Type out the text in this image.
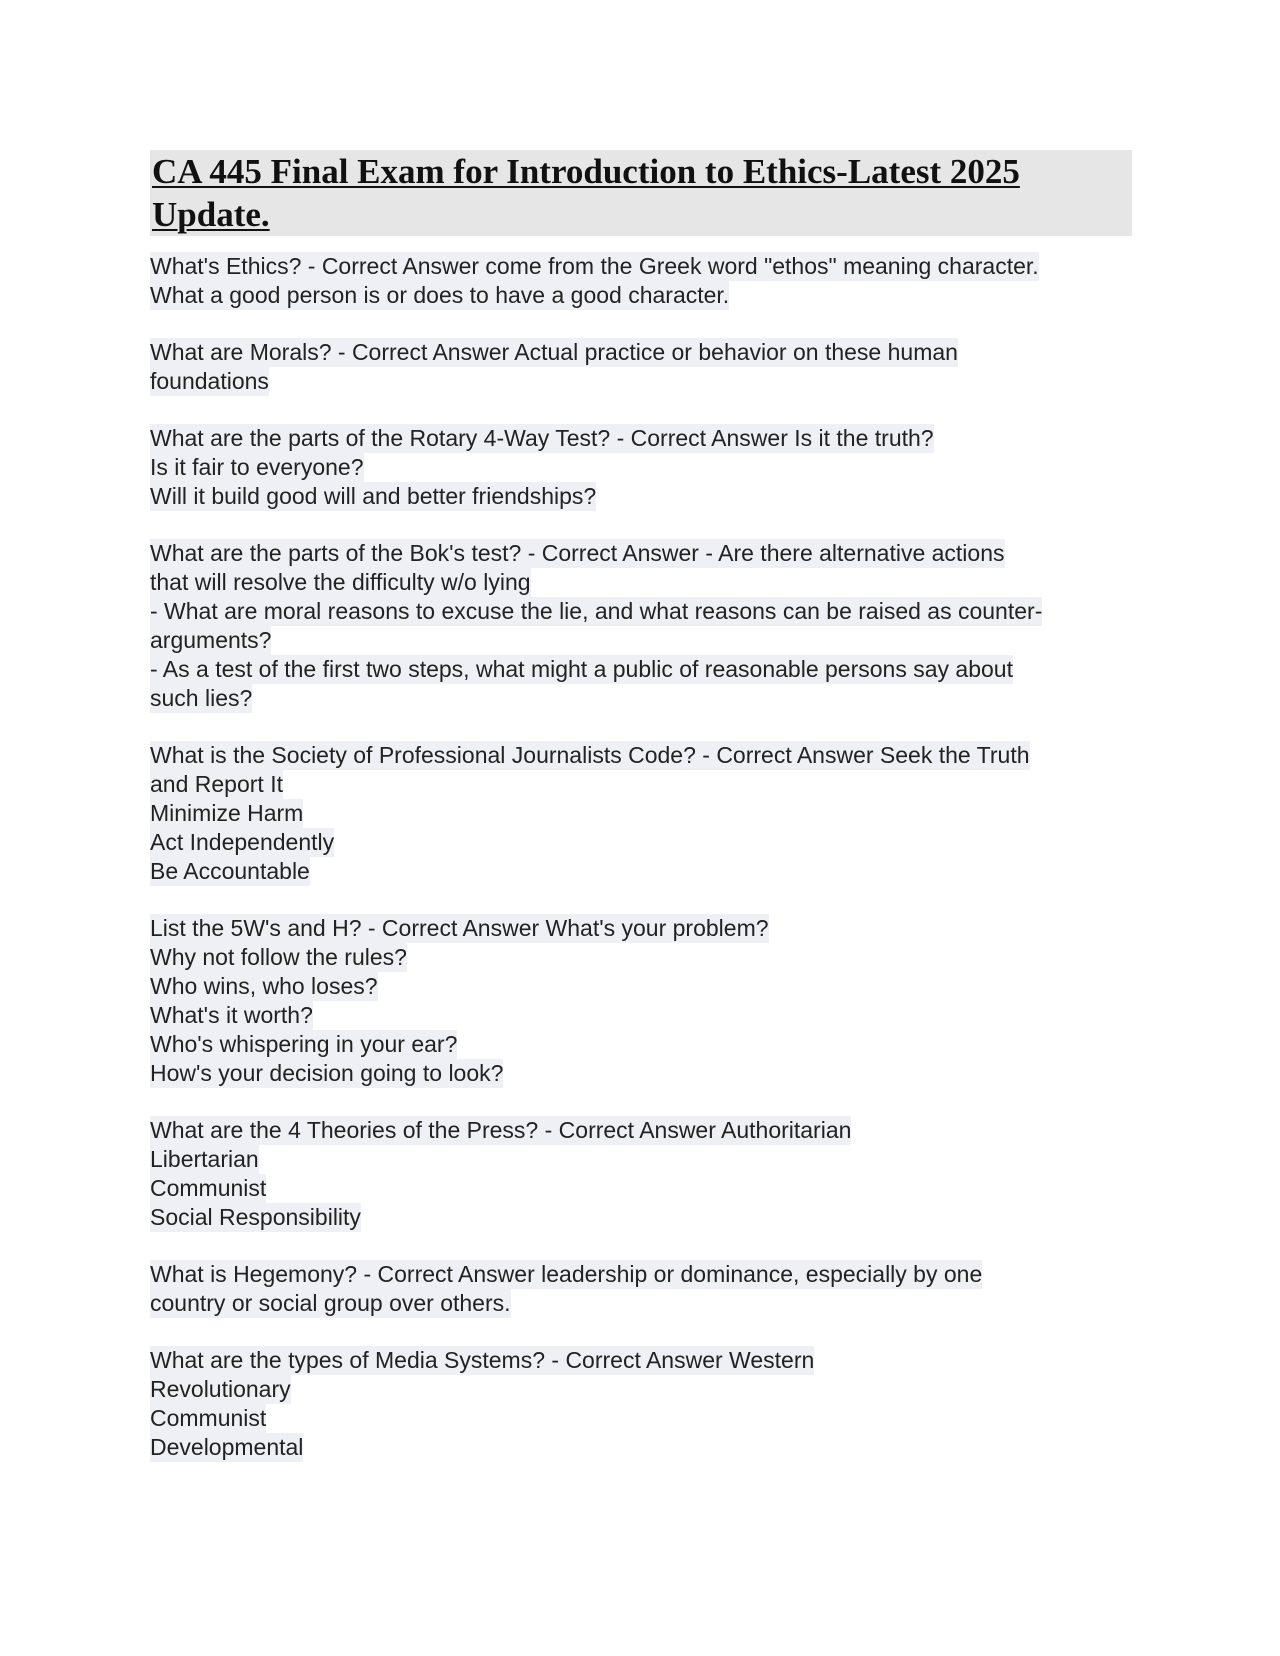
CA 445 Final Exam for Introduction to Ethics-Latest 2025
Update.
What's Ethics? - Correct Answer come from the Greek word "ethos" meaning character.
What a good person is or does to have a good character.
What are Morals? - Correct Answer Actual practice or behavior on these human
foundations
What are the parts of the Rotary 4-Way Test? - Correct Answer Is it the truth?
Is it fair to everyone?
Will it build good will and better friendships?
What are the parts of the Bok's test? - Correct Answer - Are there alternative actions
that will resolve the difficulty w/o lying
- What are moral reasons to excuse the lie, and what reasons can be raised as counter-
arguments?
- As a test of the first two steps, what might a public of reasonable persons say about
such lies?
What is the Society of Professional Journalists Code? - Correct Answer Seek the Truth
and Report It
Minimize Harm
Act Independently
Be Accountable
List the 5W's and H? - Correct Answer What's your problem?
Why not follow the rules?
Who wins, who loses?
What's it worth?
Who's whispering in your ear?
How's your decision going to look?
What are the 4 Theories of the Press? - Correct Answer Authoritarian
Libertarian
Communist
Social Responsibility
What is Hegemony? - Correct Answer leadership or dominance, especially by one
country or social group over others.
What are the types of Media Systems? - Correct Answer Western
Revolutionary
Communist
Developmental
